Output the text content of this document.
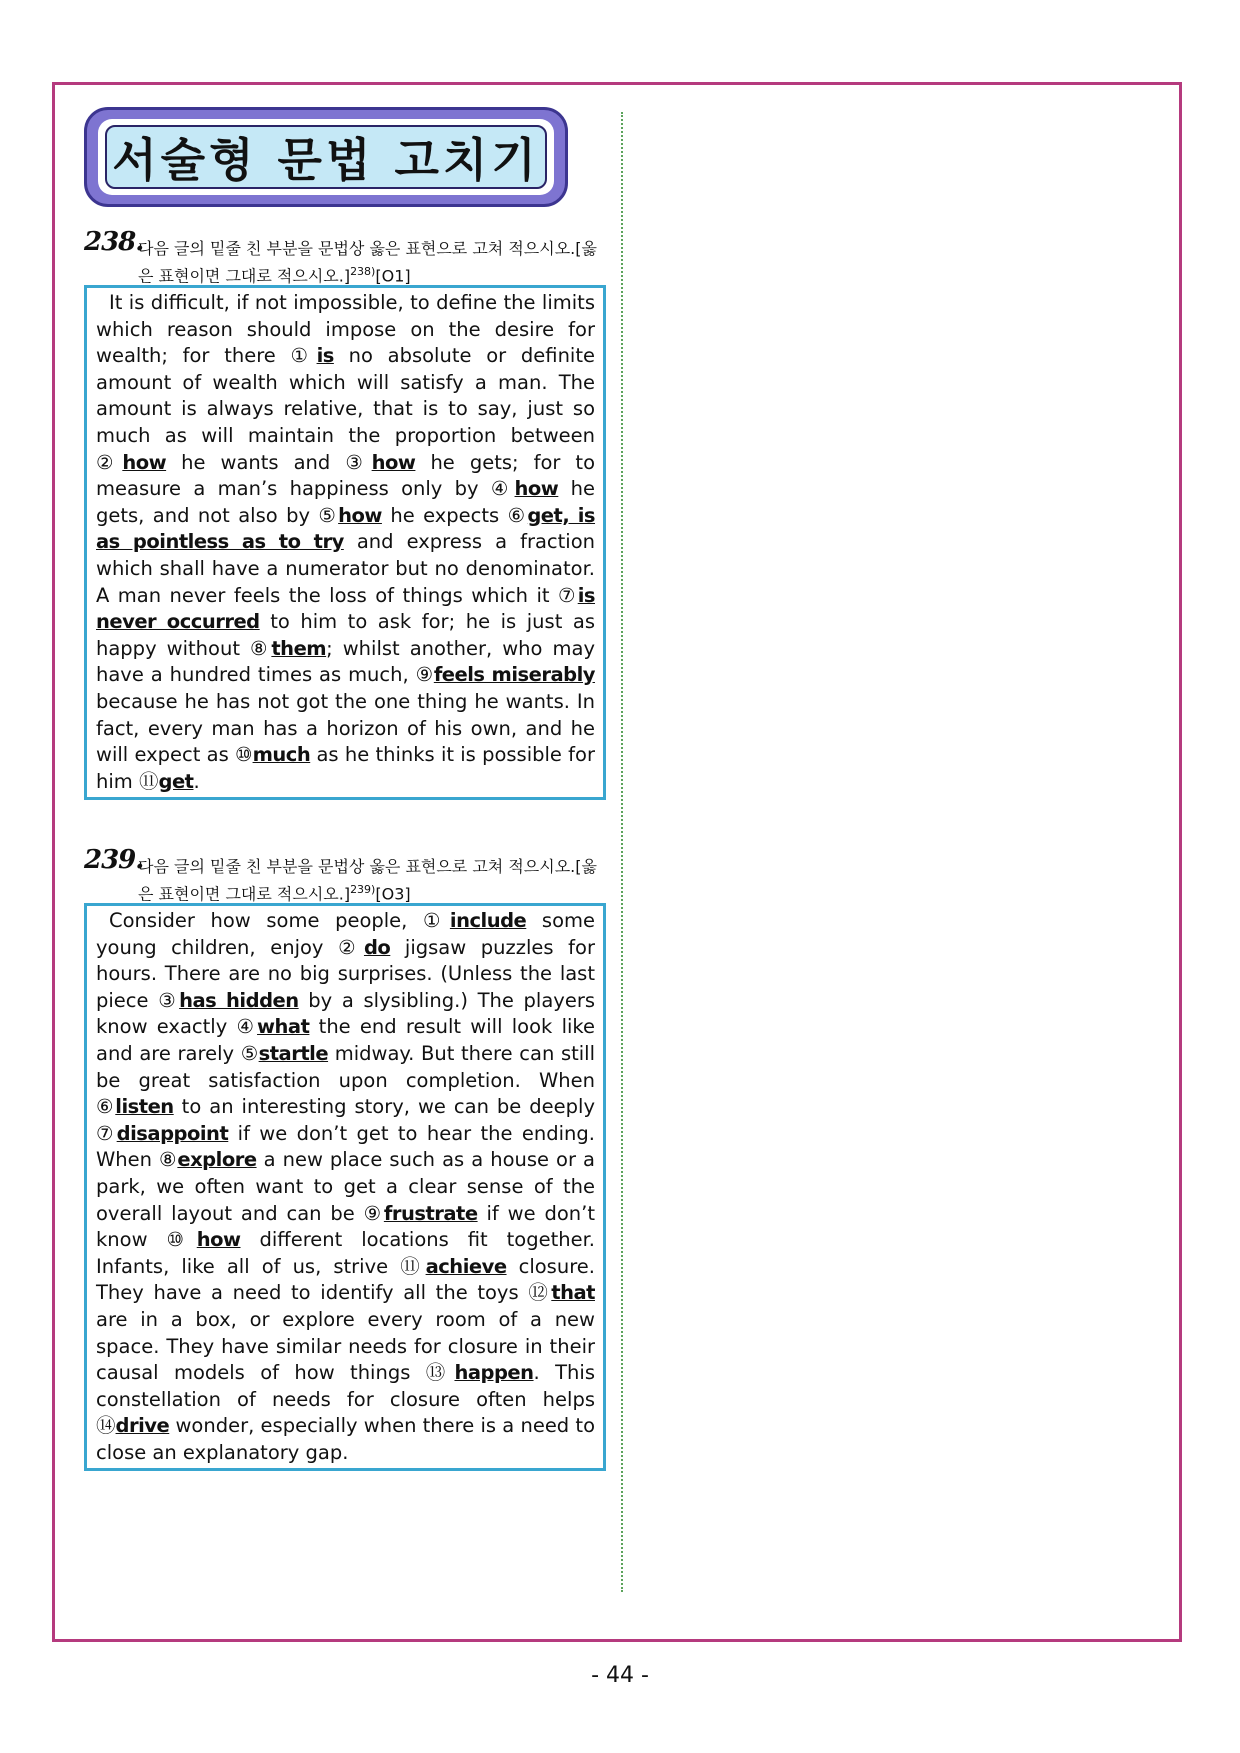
서술형 문법 고치기
238.
다음 글의 밑줄 친 부분을 문법상 옳은 표현으로 고쳐 적으시오.[옳
은 표현이면 그대로 적으시오.]$^{238)}$[O1]
It is difficult, if not impossible, to define the limits which reason should impose on the desire for wealth; for there ①is no absolute or definite amount of wealth which will satisfy a man. The amount is always relative, that is to say, just so much as will maintain the proportion between ②how he wants and ③how he gets; for to measure a man’s happiness only by ④how he gets, and not also by ⑤how he expects ⑥get, is as pointless as to try and express a fraction which shall have a numerator but no denominator. A man never feels the loss of things which it ⑦is never occurred to him to ask for; he is just as happy without ⑧them; whilst another, who may have a hundred times as much, ⑨feels miserably because he has not got the one thing he wants. In fact, every man has a horizon of his own, and he will expect as ⑩much as he thinks it is possible for him ⑪get.
239.
다음 글의 밑줄 친 부분을 문법상 옳은 표현으로 고쳐 적으시오.[옳
은 표현이면 그대로 적으시오.]$^{239)}$[O3]
Consider how some people, ①include some young children, enjoy ②do jigsaw puzzles for hours. There are no big surprises. (Unless the last piece ③has hidden by a slysibling.) The players know exactly ④what the end result will look like and are rarely ⑤startle midway. But there can still be great satisfaction upon completion. When ⑥listen to an interesting story, we can be deeply ⑦disappoint if we don’t get to hear the ending. When ⑧explore a new place such as a house or a park, we often want to get a clear sense of the overall layout and can be ⑨frustrate if we don’t know ⑩how different locations fit together. Infants, like all of us, strive ⑪achieve closure. They have a need to identify all the toys ⑫that are in a box, or explore every room of a new space. They have similar needs for closure in their causal models of how things ⑬happen. This constellation of needs for closure often helps ⑭drive wonder, especially when there is a need to close an explanatory gap.
- 44 -
